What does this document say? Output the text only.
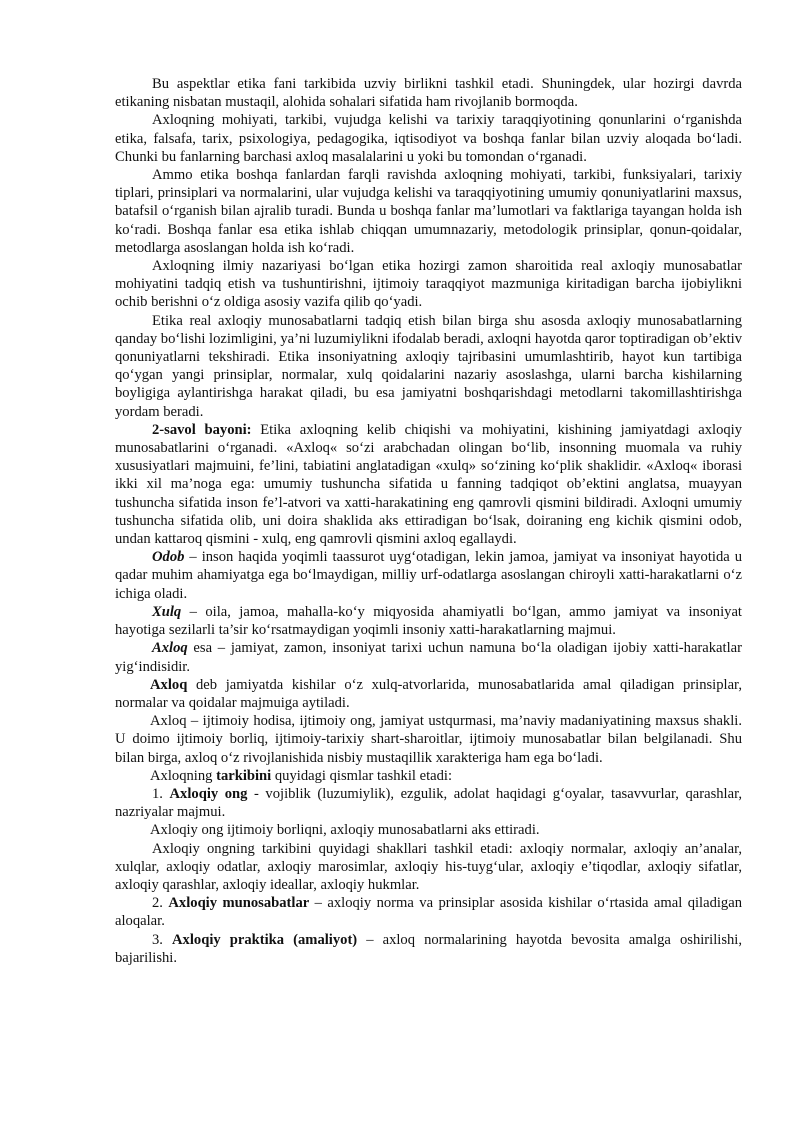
Bu aspektlar etika fani tarkibida uzviy birlikni tashkil etadi. Shuningdek, ular hozirgi davrda etikaning nisbatan mustaqil, alohida sohalari sifatida ham rivojlanib bormoqda.

Axloqning mohiyati, tarkibi, vujudga kelishi va tarixiy taraqqiyotining qonunlarini o‘rganishda etika, falsafa, tarix, psixologiya, pedagogika, iqtisodiyot va boshqa fanlar bilan uzviy aloqada bo‘ladi. Chunki bu fanlarning barchasi axloq masalalarini u yoki bu tomondan o‘rganadi.

Ammo etika boshqa fanlardan farqli ravishda axloqning mohiyati, tarkibi, funksiyalari, tarixiy tiplari, prinsiplari va normalarini, ular vujudga kelishi va taraqqiyotining umumiy qonuniyatlarini maxsus, batafsil o‘rganish bilan ajralib turadi. Bunda u boshqa fanlar ma’lumotlari va faktlariga tayangan holda ish ko‘radi. Boshqa fanlar esa etika ishlab chiqqan umumnazariy, metodologik prinsiplar, qonun-qoidalar, metodlarga asoslangan holda ish ko‘radi.

Axloqning ilmiy nazariyasi bo‘lgan etika hozirgi zamon sharoitida real axloqiy munosabatlar mohiyatini tadqiq etish va tushuntirishni, ijtimoiy taraqqiyot mazmuniga kiritadigan barcha ijobiylikni ochib berishni o‘z oldiga asosiy vazifa qilib qo‘yadi.

Etika real axloqiy munosabatlarni tadqiq etish bilan birga shu asosda axloqiy munosabatlarning qanday bo‘lishi lozimligini, ya’ni luzumiylikni ifodalab beradi, axloqni hayotda qaror toptiradigan ob’ektiv qonuniyatlarni tekshiradi. Etika insoniyatning axloqiy tajribasini umumlashtirib, hayot kun tartibiga qo‘ygan yangi prinsiplar, normalar, xulq qoidalarini nazariy asoslashga, ularni barcha kishilarning boyligiga aylantirishga harakat qiladi, bu esa jamiyatni boshqarishdagi metodlarni takomillashtirishga yordam beradi.

2-savol bayoni: Etika axloqning kelib chiqishi va mohiyatini, kishining jamiyatdagi axloqiy munosabatlarini o‘rganadi. «Axloq« so‘zi arabchadan olingan bo‘lib, insonning muomala va ruhiy xususiyatlari majmuini, fe’lini, tabiatini anglatadigan «xulq» so‘zining ko‘plik shaklidir. «Axloq« iborasi ikki xil ma’noga ega: umumiy tushuncha sifatida u fanning tadqiqot ob’ektini anglatsa, muayyan tushuncha sifatida inson fe’l-atvori va xatti-harakatining eng qamrovli qismini bildiradi. Axloqni umumiy tushuncha sifatida olib, uni doira shaklida aks ettiradigan bo‘lsak, doiraning eng kichik qismini odob, undan kattaroq qismini - xulq, eng qamrovli qismini axloq egallaydi.

Odob – inson haqida yoqimli taassurot uyg‘otadigan, lekin jamoa, jamiyat va insoniyat hayotida u qadar muhim ahamiyatga ega bo‘lmaydigan, milliy urf-odatlarga asoslangan chiroyli xatti-harakatlarni o‘z ichiga oladi.

Xulq – oila, jamoa, mahalla-ko‘y miqyosida ahamiyatli bo‘lgan, ammo jamiyat va insoniyat hayotiga sezilarli ta’sir ko‘rsatmaydigan yoqimli insoniy xatti-harakatlarning majmui.

Axloq esa – jamiyat, zamon, insoniyat tarixi uchun namuna bo‘la oladigan ijobiy xatti-harakatlar yig‘indisidir.

Axloq deb jamiyatda kishilar o‘z xulq-atvorlarida, munosabatlarida amal qiladigan prinsiplar, normalar va qoidalar majmuiga aytiladi.

Axloq – ijtimoiy hodisa, ijtimoiy ong, jamiyat ustqurmasi, ma’naviy madaniyatining maxsus shakli. U doimo ijtimoiy borliq, ijtimoiy-tarixiy shart-sharoitlar, ijtimoiy munosabatlar bilan belgilanadi. Shu bilan birga, axloq o‘z rivojlanishida nisbiy mustaqillik xarakteriga ham ega bo‘ladi.

Axloqning tarkibini quyidagi qismlar tashkil etadi:

1. Axloqiy ong - vojiblik (luzumiylik), ezgulik, adolat haqidagi g‘oyalar, tasavvurlar, qarashlar, nazriyalar majmui.

Axloqiy ong ijtimoiy borliqni, axloqiy munosabatlarni aks ettiradi.

Axloqiy ongning tarkibini quyidagi shakllari tashkil etadi: axloqiy normalar, axloqiy an’analar, xulqlar, axloqiy odatlar, axloqiy marosimlar, axloqiy his-tuyg‘ular, axloqiy e’tiqodlar, axloqiy sifatlar, axloqiy qarashlar, axloqiy ideallar, axloqiy hukmlar.

2. Axloqiy munosabatlar – axloqiy norma va prinsiplar asosida kishilar o‘rtasida amal qiladigan aloqalar.

3. Axloqiy praktika (amaliyot) – axloq normalarining hayotda bevosita amalga oshirilishi, bajarilishi.
